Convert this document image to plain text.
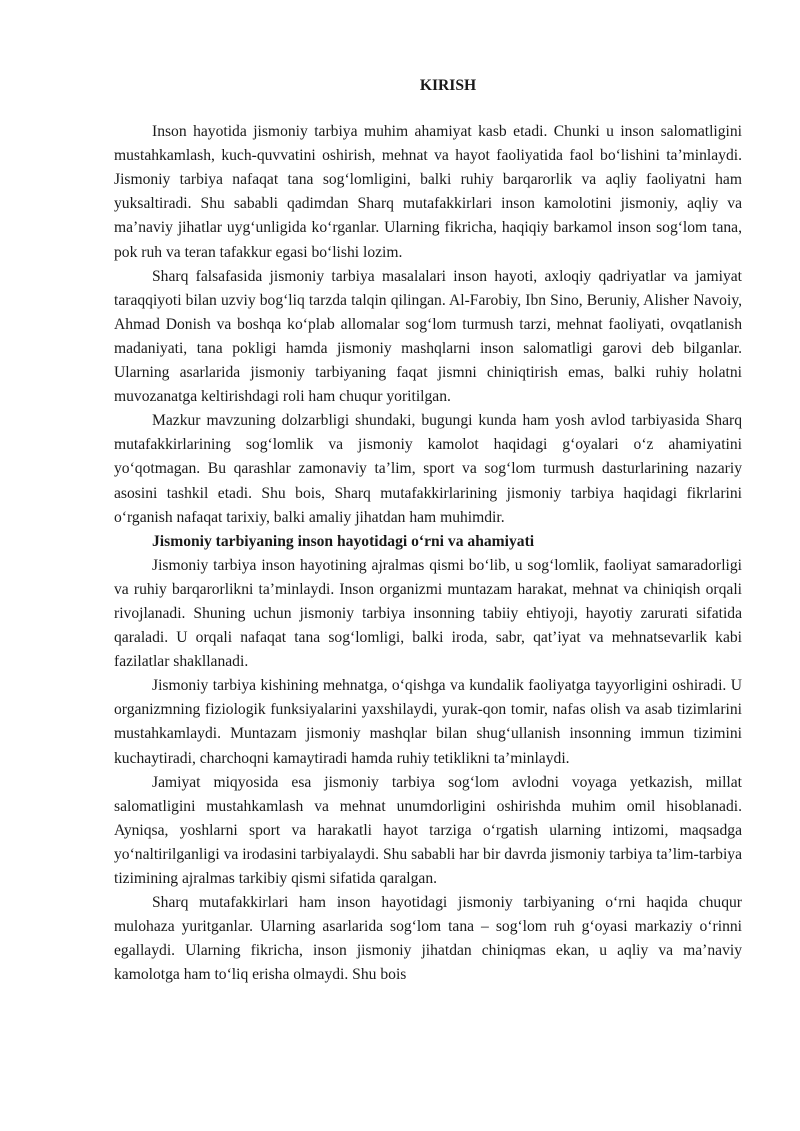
KIRISH

Inson hayotida jismoniy tarbiya muhim ahamiyat kasb etadi. Chunki u inson salomatligini mustahkamlash, kuch-quvvatini oshirish, mehnat va hayot faoliyatida faol bo‘lishini ta’minlaydi. Jismoniy tarbiya nafaqat tana sog‘lomligini, balki ruhiy barqarorlik va aqliy faoliyatni ham yuksaltiradi. Shu sababli qadimdan Sharq mutafakkirlari inson kamolotini jismoniy, aqliy va ma’naviy jihatlar uyg‘unligida ko‘rganlar. Ularning fikricha, haqiqiy barkamol inson sog‘lom tana, pok ruh va teran tafakkur egasi bo‘lishi lozim.

Sharq falsafasida jismoniy tarbiya masalalari inson hayoti, axloqiy qadriyatlar va jamiyat taraqqiyoti bilan uzviy bog‘liq tarzda talqin qilingan. Al-Farobiy, Ibn Sino, Beruniy, Alisher Navoiy, Ahmad Donish va boshqa ko‘plab allomalar sog‘lom turmush tarzi, mehnat faoliyati, ovqatlanish madaniyati, tana pokligi hamda jismoniy mashqlarni inson salomatligi garovi deb bilganlar. Ularning asarlarida jismoniy tarbiyaning faqat jismni chiniqtirish emas, balki ruhiy holatni muvozanatga keltirishdagi roli ham chuqur yoritilgan.

Mazkur mavzuning dolzarbligi shundaki, bugungi kunda ham yosh avlod tarbiyasida Sharq mutafakkirlarining sog‘lomlik va jismoniy kamolot haqidagi g‘oyalari o‘z ahamiyatini yo‘qotmagan. Bu qarashlar zamonaviy ta’lim, sport va sog‘lom turmush dasturlarining nazariy asosini tashkil etadi. Shu bois, Sharq mutafakkirlarining jismoniy tarbiya haqidagi fikrlarini o‘rganish nafaqat tarixiy, balki amaliy jihatdan ham muhimdir.

Jismoniy tarbiyaning inson hayotidagi o‘rni va ahamiyati

Jismoniy tarbiya inson hayotining ajralmas qismi bo‘lib, u sog‘lomlik, faoliyat samaradorligi va ruhiy barqarorlikni ta’minlaydi. Inson organizmi muntazam harakat, mehnat va chiniqish orqali rivojlanadi. Shuning uchun jismoniy tarbiya insonning tabiiy ehtiyoji, hayotiy zarurati sifatida qaraladi. U orqali nafaqat tana sog‘lomligi, balki iroda, sabr, qat’iyat va mehnatsevarlik kabi fazilatlar shakllanadi.

Jismoniy tarbiya kishining mehnatga, o‘qishga va kundalik faoliyatga tayyorligini oshiradi. U organizmning fiziologik funksiyalarini yaxshilaydi, yurak-qon tomir, nafas olish va asab tizimlarini mustahkamlaydi. Muntazam jismoniy mashqlar bilan shug‘ullanish insonning immun tizimini kuchaytiradi, charchoqni kamaytiradi hamda ruhiy tetiklikni ta’minlaydi.

Jamiyat miqyosida esa jismoniy tarbiya sog‘lom avlodni voyaga yetkazish, millat salomatligini mustahkamlash va mehnat unumdorligini oshirishda muhim omil hisoblanadi. Ayniqsa, yoshlarni sport va harakatli hayot tarziga o‘rgatish ularning intizomi, maqsadga yo‘naltirilganligi va irodasini tarbiyalaydi. Shu sababli har bir davrda jismoniy tarbiya ta’lim-tarbiya tizimining ajralmas tarkibiy qismi sifatida qaralgan.

Sharq mutafakkirlari ham inson hayotidagi jismoniy tarbiyaning o‘rni haqida chuqur mulohaza yuritganlar. Ularning asarlarida sog‘lom tana – sog‘lom ruh g‘oyasi markaziy o‘rinni egallaydi. Ularning fikricha, inson jismoniy jihatdan chiniqmas ekan, u aqliy va ma’naviy kamolotga ham to‘liq erisha olmaydi. Shu bois
